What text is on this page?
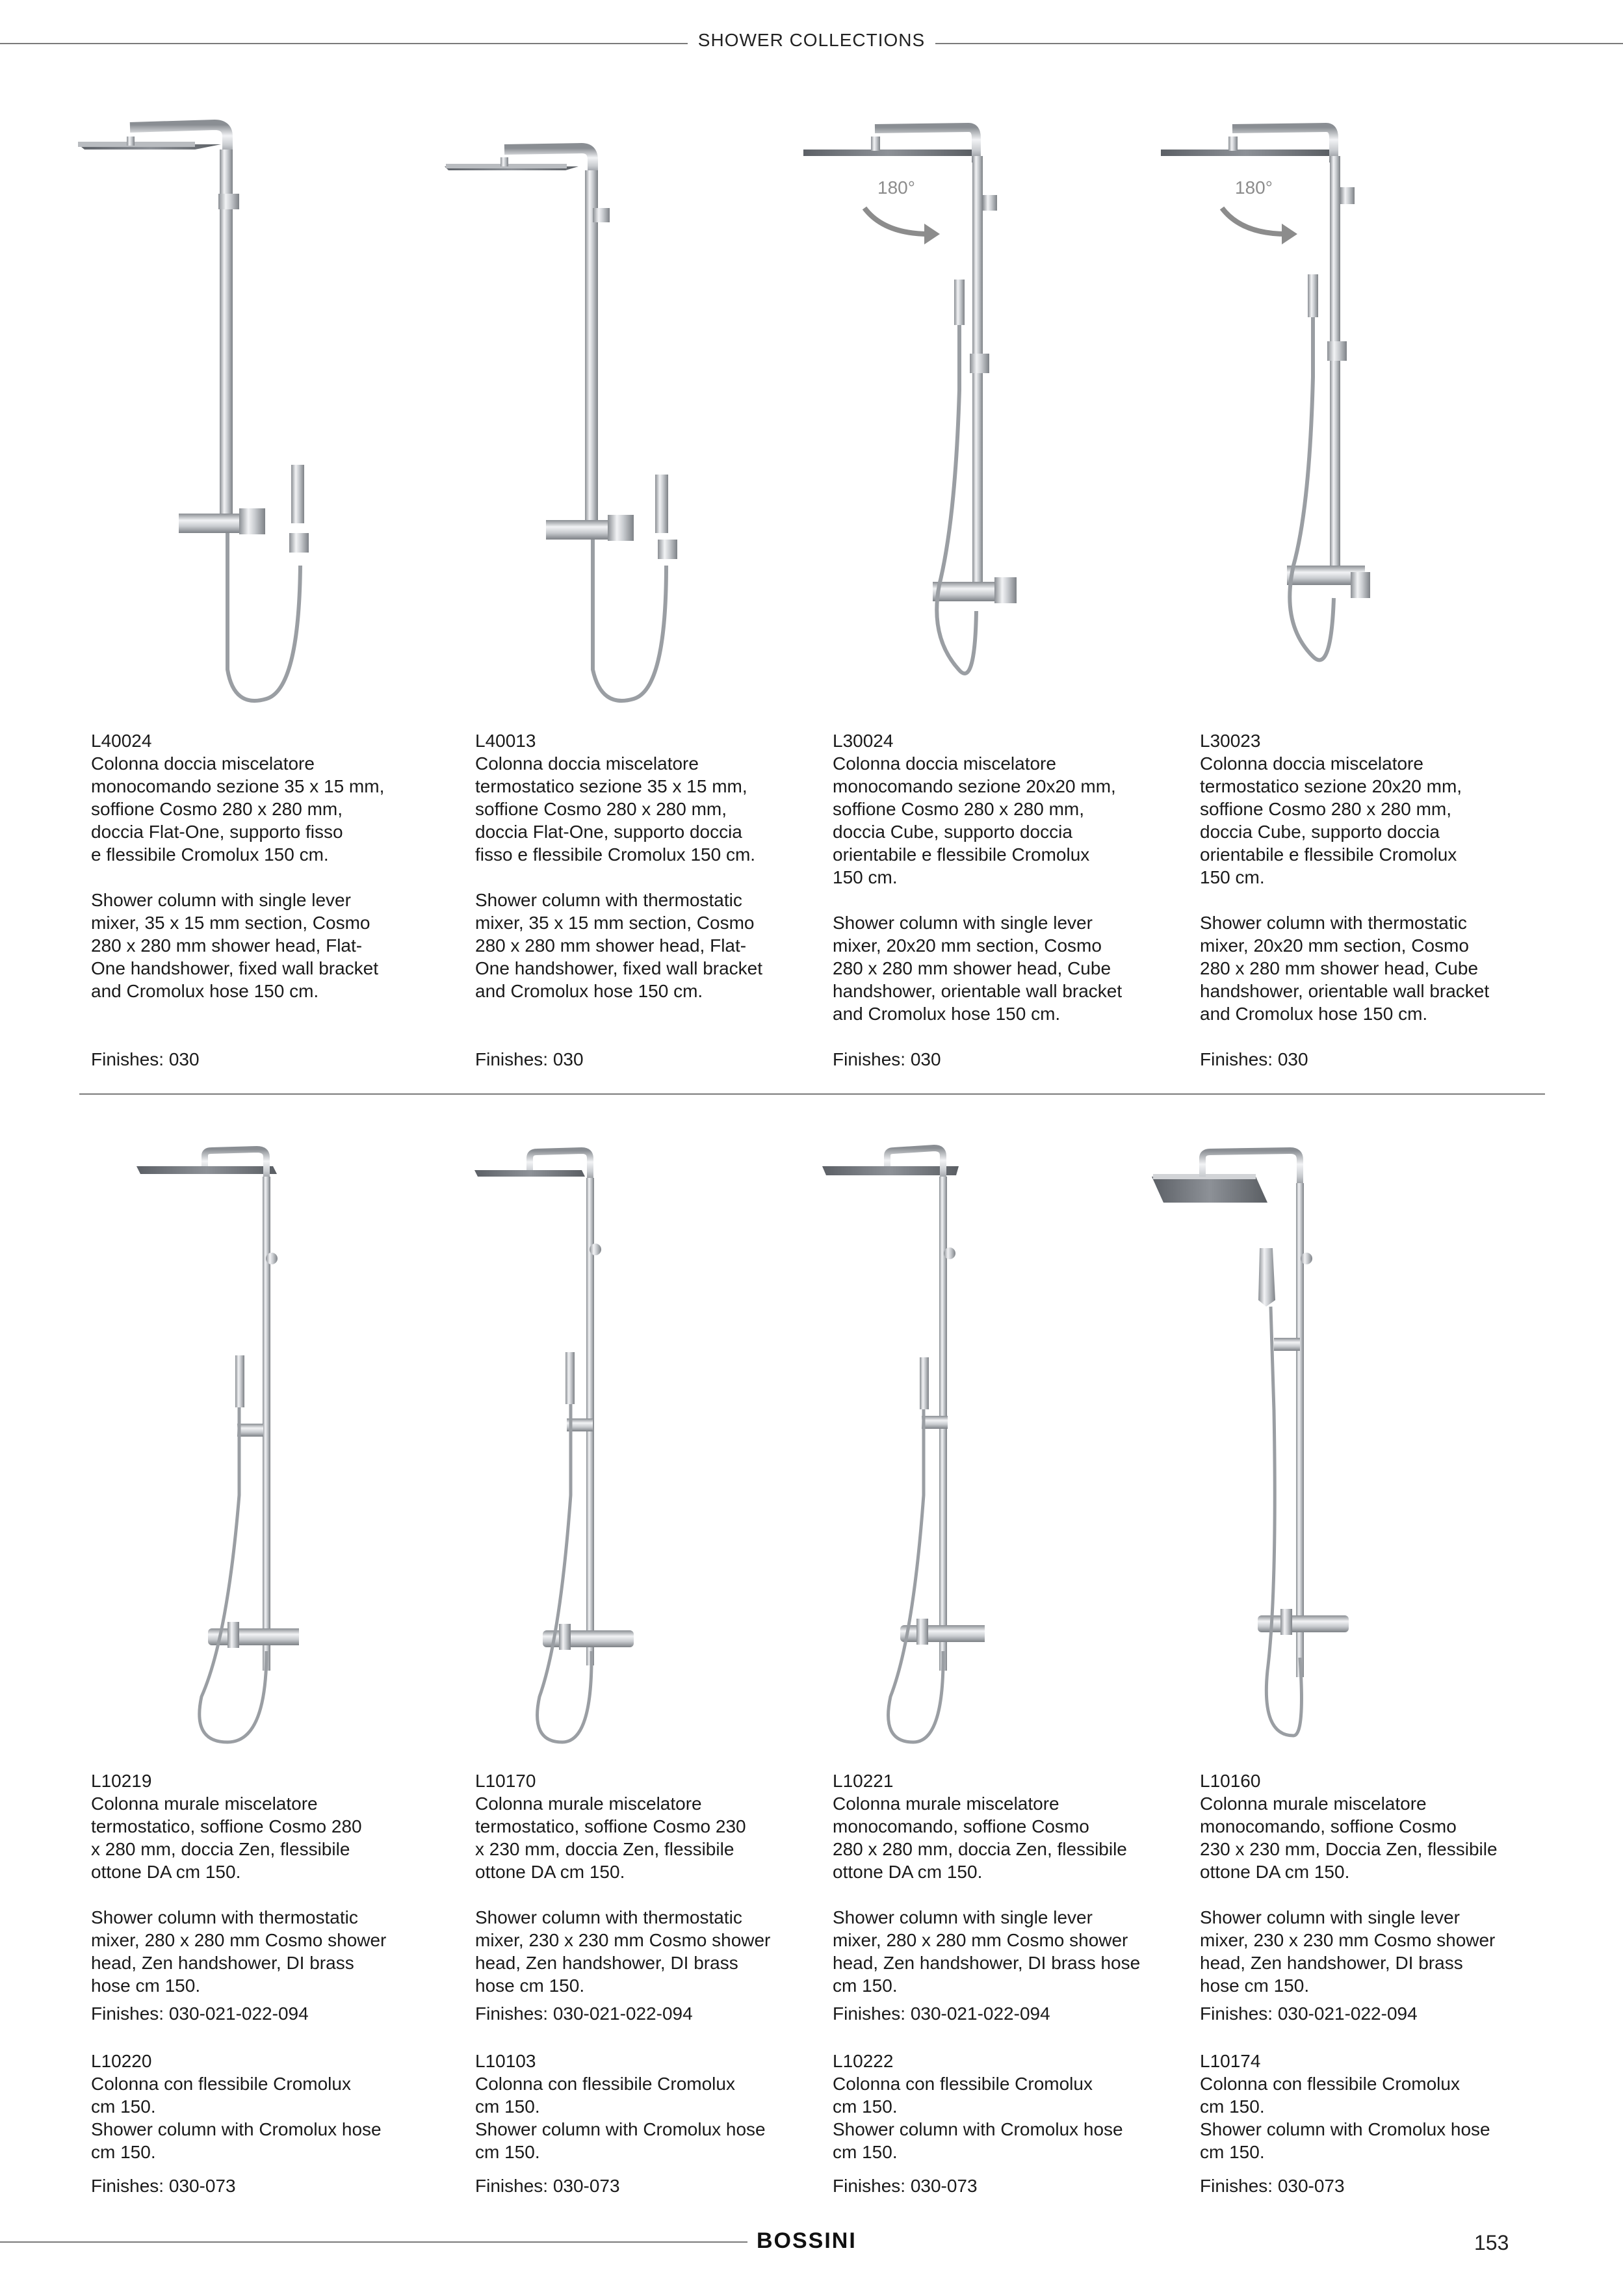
SHOWER COLLECTIONS
180°	180°

L40024

Colonna doccia miscelatore
monocomando sezione 35 x 15 mm,
soffione Cosmo 280 x 280 mm,
doccia Flat-One, supporto fisso
e flessibile Cromolux 150 cm.

Shower column with single lever
mixer, 35 x 15 mm section, Cosmo
280 x 280 mm shower head, Flat-
One handshower, fixed wall bracket
and Cromolux hose 150 cm.

Finishes: 030

L40013

Colonna doccia miscelatore
termostatico sezione 35 x 15 mm,
soffione Cosmo 280 x 280 mm,
doccia Flat-One, supporto doccia
fisso e flessibile Cromolux 150 cm.

Shower column with thermostatic
mixer, 35 x 15 mm section, Cosmo
280 x 280 mm shower head, Flat-
One handshower, fixed wall bracket
and Cromolux hose 150 cm.

Finishes: 030

L30024

Colonna doccia miscelatore
monocomando sezione 20x20 mm,
soffione Cosmo 280 x 280 mm,
doccia Cube, supporto doccia
orientabile e flessibile Cromolux
150 cm.

Shower column with single lever
mixer, 20x20 mm section, Cosmo
280 x 280 mm shower head, Cube
handshower, orientable wall bracket
and Cromolux hose 150 cm.

Finishes: 030

L30023

Colonna doccia miscelatore
termostatico sezione 20x20 mm,
soffione Cosmo 280 x 280 mm,
doccia Cube, supporto doccia
orientabile e flessibile Cromolux
150 cm.

Shower column with thermostatic
mixer, 20x20 mm section, Cosmo
280 x 280 mm shower head, Cube
handshower, orientable wall bracket
and Cromolux hose 150 cm.

Finishes: 030

L10219

Colonna murale miscelatore
termostatico, soffione Cosmo 280
x 280 mm, doccia Zen, flessibile
ottone DA cm 150.

Shower column with thermostatic
mixer, 280 x 280 mm Cosmo shower
head, Zen handshower, DI brass
hose cm 150.

Finishes: 030-021-022-094

L10220

Colonna con flessibile Cromolux
cm 150.
Shower column with Cromolux hose
cm 150.

Finishes: 030-073

L10170

Colonna murale miscelatore
termostatico, soffione Cosmo 230
x 230 mm, doccia Zen, flessibile
ottone DA cm 150.

Shower column with thermostatic
mixer, 230 x 230 mm Cosmo shower
head, Zen handshower, DI brass
hose cm 150.

Finishes: 030-021-022-094

L10103

Colonna con flessibile Cromolux
cm 150.
Shower column with Cromolux hose
cm 150.

Finishes: 030-073

L10221

Colonna murale miscelatore
monocomando, soffione Cosmo
280 x 280 mm, doccia Zen, flessibile
ottone DA cm 150.

Shower column with single lever
mixer, 280 x 280 mm Cosmo shower
head, Zen handshower, DI brass hose
cm 150.

Finishes: 030-021-022-094

L10222

Colonna con flessibile Cromolux
cm 150.
Shower column with Cromolux hose
cm 150.

Finishes: 030-073

L10160

Colonna murale miscelatore
monocomando, soffione Cosmo
230 x 230 mm, Doccia Zen, flessibile
ottone DA cm 150.

Shower column with single lever
mixer, 230 x 230 mm Cosmo shower
head, Zen handshower, DI brass
hose cm 150.

Finishes: 030-021-022-094

L10174

Colonna con flessibile Cromolux
cm 150.
Shower column with Cromolux hose
cm 150.

Finishes: 030-073

BOSSINI	153
